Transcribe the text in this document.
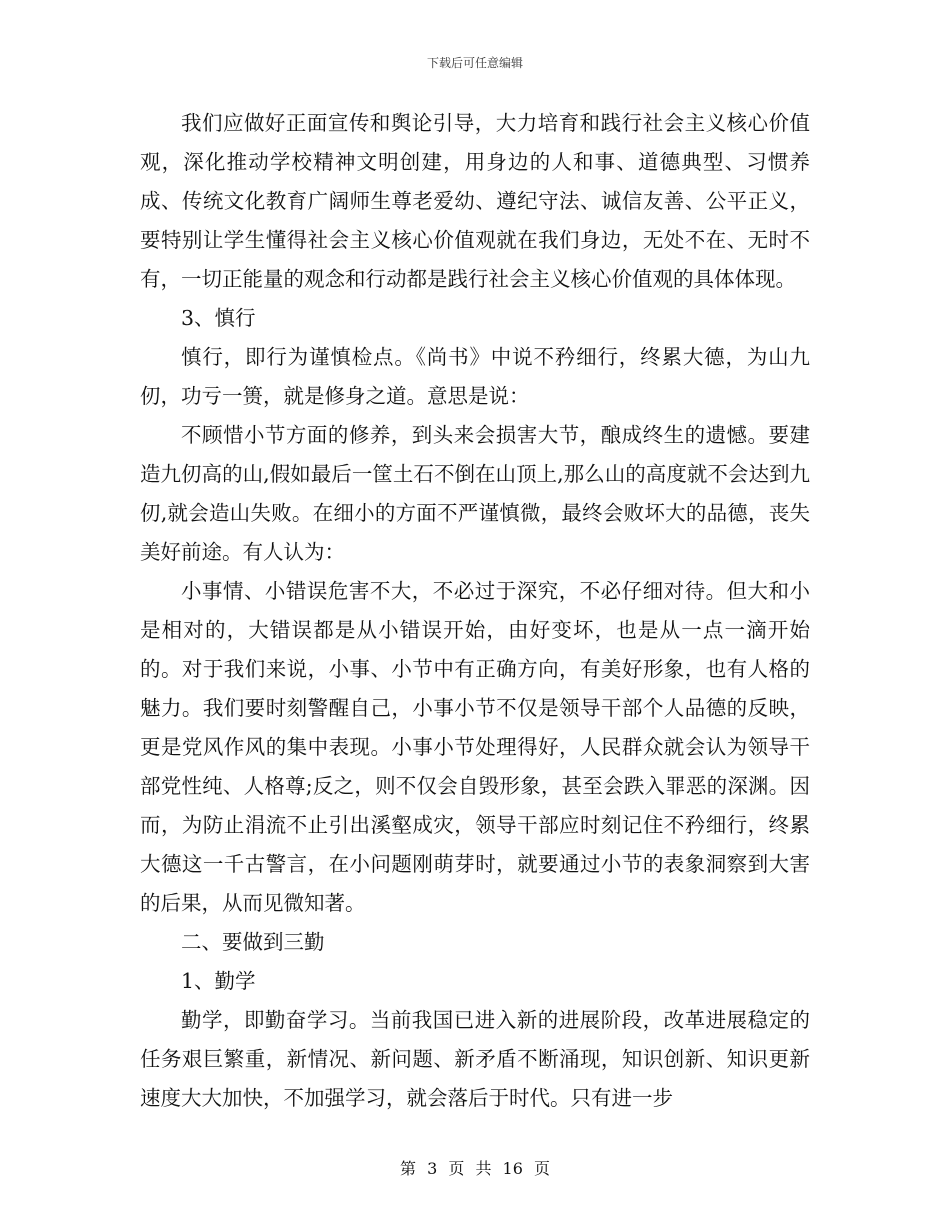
下载后可任意编辑

我们应做好正面宣传和舆论引导，大力培育和践行社会主义核心价值观，深化推动学校精神文明创建，用身边的人和事、道德典型、习惯养成、传统文化教育广阔师生尊老爱幼、遵纪守法、诚信友善、公平正义，要特别让学生懂得社会主义核心价值观就在我们身边，无处不在、无时不有，一切正能量的观念和行动都是践行社会主义核心价值观的具体体现。

3、慎行

慎行，即行为谨慎检点。《尚书》中说不矜细行，终累大德，为山九仞，功亏一篑，就是修身之道。意思是说：

不顾惜小节方面的修养，到头来会损害大节，酿成终生的遗憾。要建造九仞高的山,假如最后一筐土石不倒在山顶上,那么山的高度就不会达到九仞,就会造山失败。在细小的方面不严谨慎微，最终会败坏大的品德，丧失美好前途。有人认为：

小事情、小错误危害不大，不必过于深究，不必仔细对待。但大和小是相对的，大错误都是从小错误开始，由好变坏，也是从一点一滴开始的。对于我们来说，小事、小节中有正确方向，有美好形象，也有人格的魅力。我们要时刻警醒自己，小事小节不仅是领导干部个人品德的反映，更是党风作风的集中表现。小事小节处理得好，人民群众就会认为领导干部党性纯、人格尊;反之，则不仅会自毁形象，甚至会跌入罪恶的深渊。因而，为防止涓流不止引出溪壑成灾，领导干部应时刻记住不矜细行，终累大德这一千古警言，在小问题刚萌芽时，就要通过小节的表象洞察到大害的后果，从而见微知著。

二、要做到三勤

1、勤学

勤学，即勤奋学习。当前我国已进入新的进展阶段，改革进展稳定的任务艰巨繁重，新情况、新问题、新矛盾不断涌现，知识创新、知识更新速度大大加快，不加强学习，就会落后于时代。只有进一步

第 3 页 共 16 页
